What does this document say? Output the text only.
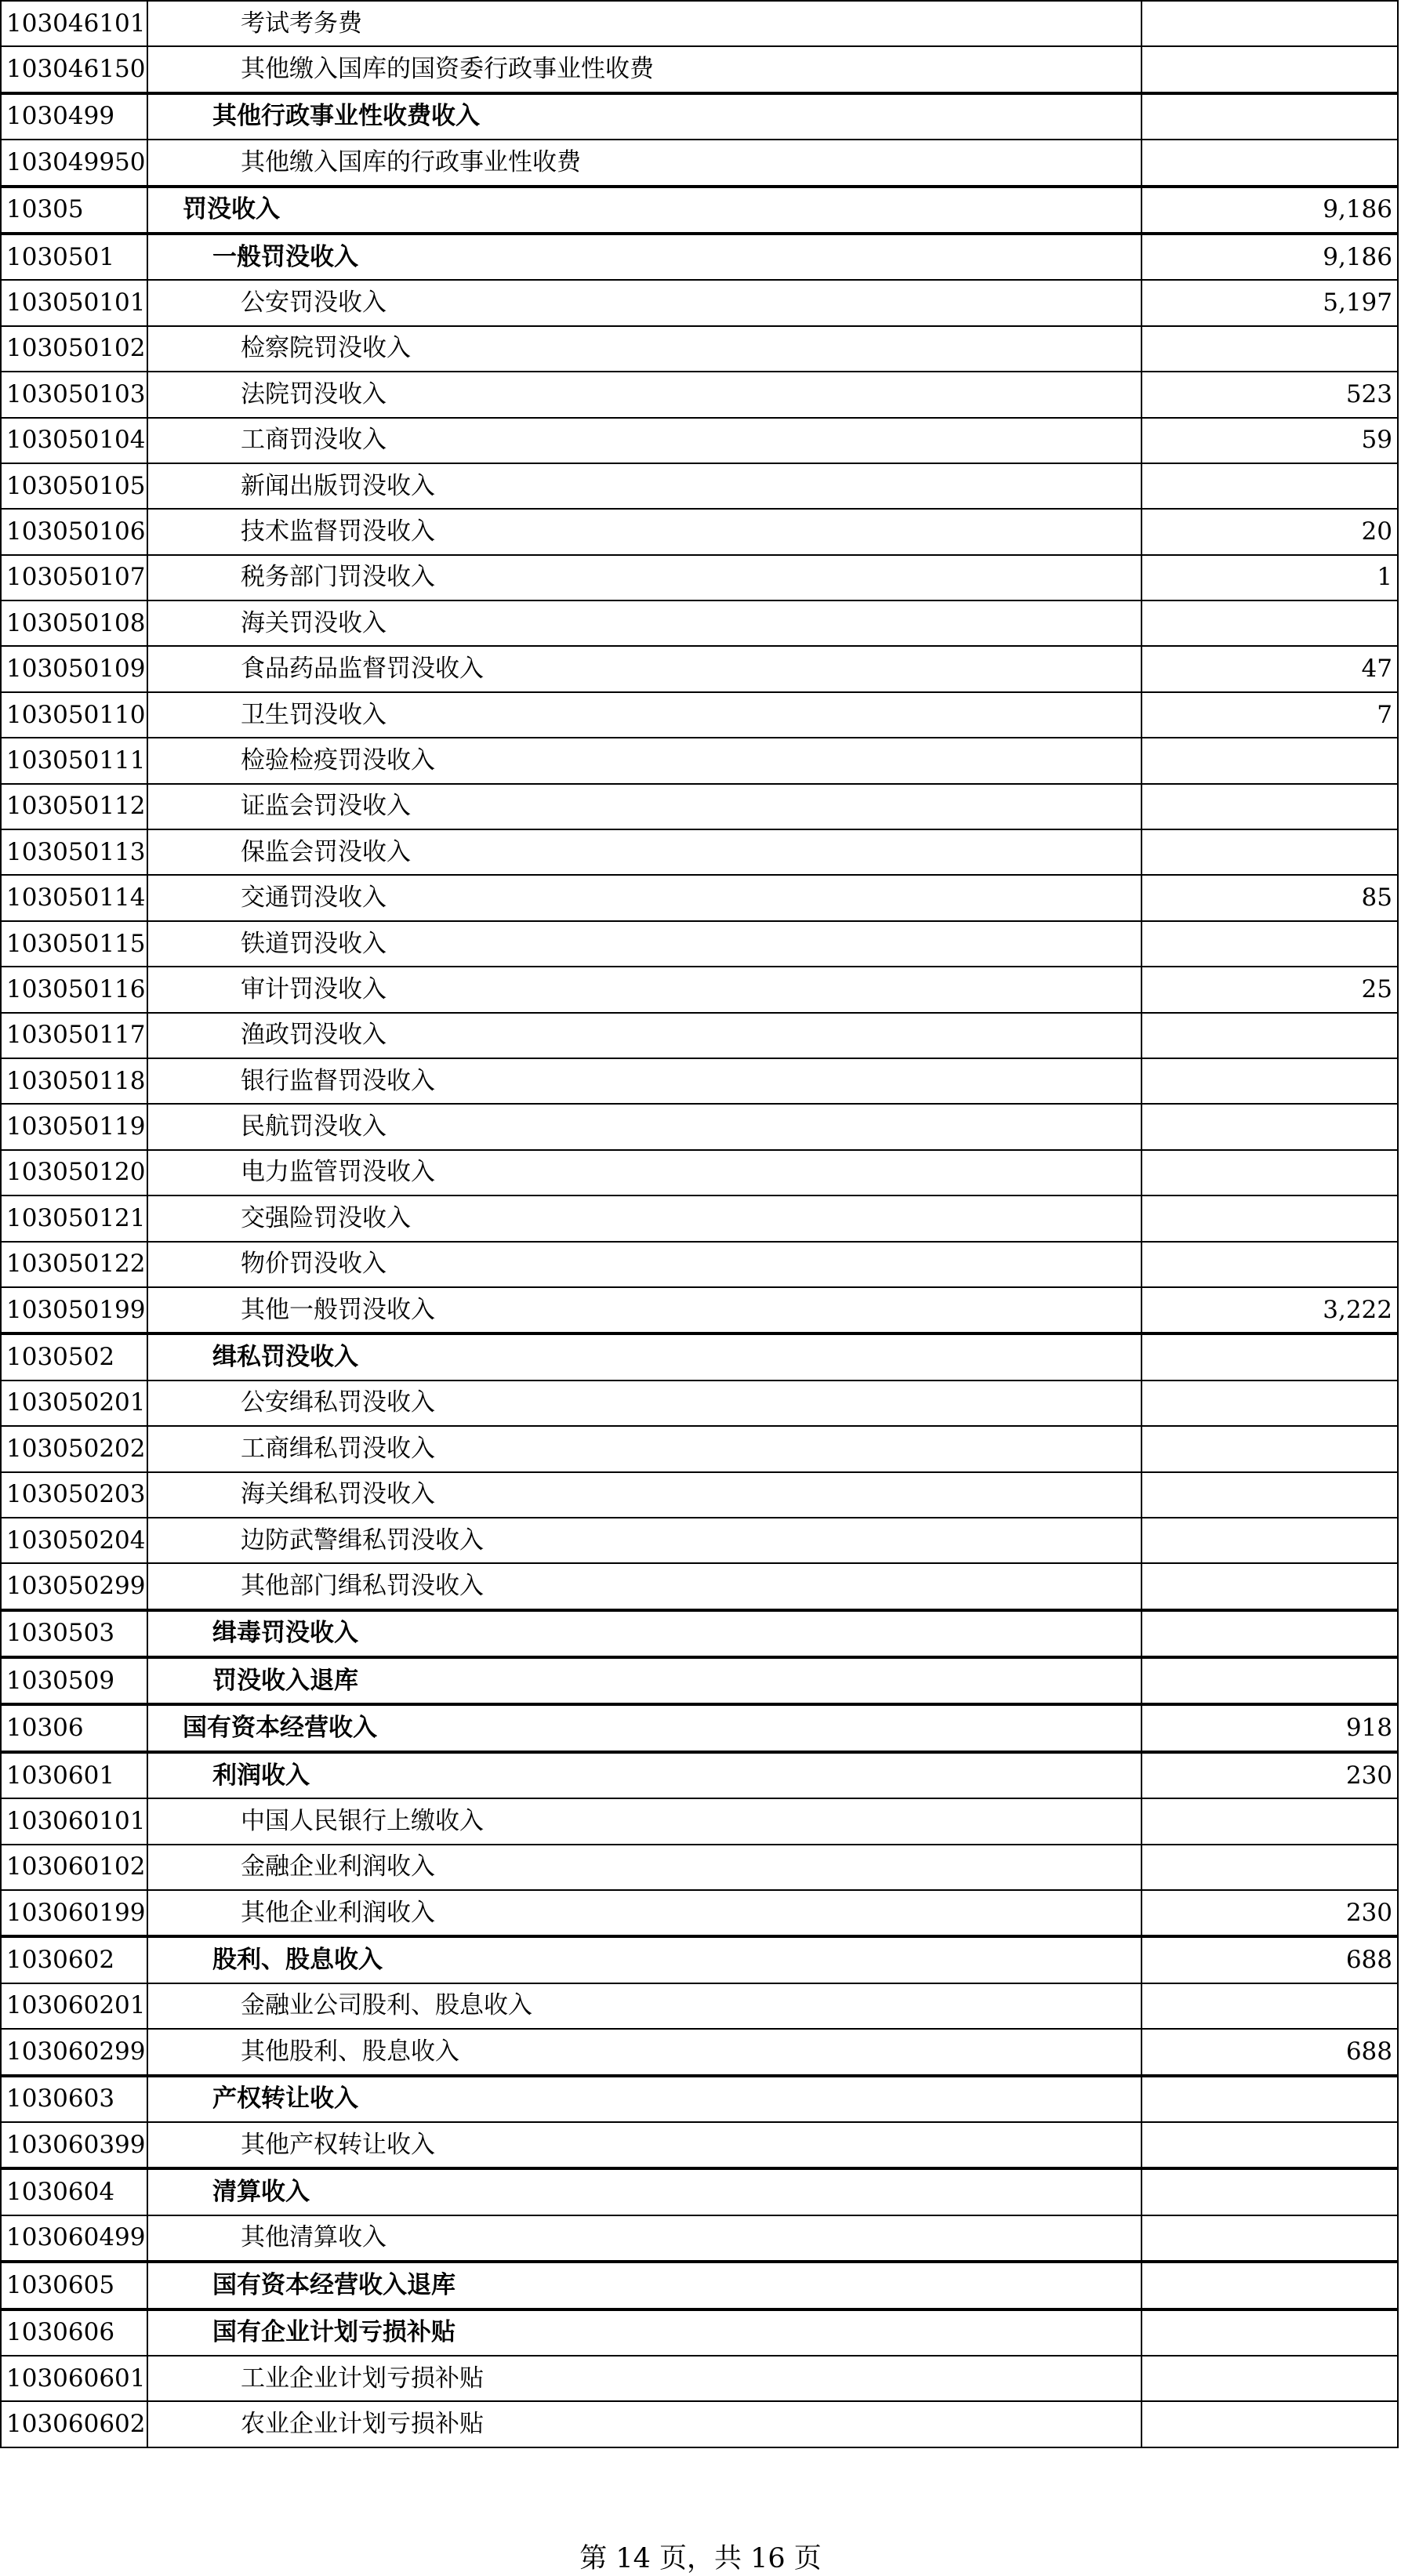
103046101	考试考务费	
103046150	其他缴入国库的国资委行政事业性收费	
1030499	其他行政事业性收费收入	
103049950	其他缴入国库的行政事业性收费	
10305	罚没收入	9,186
1030501	一般罚没收入	9,186
103050101	公安罚没收入	5,197
103050102	检察院罚没收入	
103050103	法院罚没收入	523
103050104	工商罚没收入	59
103050105	新闻出版罚没收入	
103050106	技术监督罚没收入	20
103050107	税务部门罚没收入	1
103050108	海关罚没收入	
103050109	食品药品监督罚没收入	47
103050110	卫生罚没收入	7
103050111	检验检疫罚没收入	
103050112	证监会罚没收入	
103050113	保监会罚没收入	
103050114	交通罚没收入	85
103050115	铁道罚没收入	
103050116	审计罚没收入	25
103050117	渔政罚没收入	
103050118	银行监督罚没收入	
103050119	民航罚没收入	
103050120	电力监管罚没收入	
103050121	交强险罚没收入	
103050122	物价罚没收入	
103050199	其他一般罚没收入	3,222
1030502	缉私罚没收入	
103050201	公安缉私罚没收入	
103050202	工商缉私罚没收入	
103050203	海关缉私罚没收入	
103050204	边防武警缉私罚没收入	
103050299	其他部门缉私罚没收入	
1030503	缉毒罚没收入	
1030509	罚没收入退库	
10306	国有资本经营收入	918
1030601	利润收入	230
103060101	中国人民银行上缴收入	
103060102	金融企业利润收入	
103060199	其他企业利润收入	230
1030602	股利、股息收入	688
103060201	金融业公司股利、股息收入	
103060299	其他股利、股息收入	688
1030603	产权转让收入	
103060399	其他产权转让收入	
1030604	清算收入	
103060499	其他清算收入	
1030605	国有资本经营收入退库	
1030606	国有企业计划亏损补贴	
103060601	工业企业计划亏损补贴	
103060602	农业企业计划亏损补贴	
第 14 页，共 16 页
